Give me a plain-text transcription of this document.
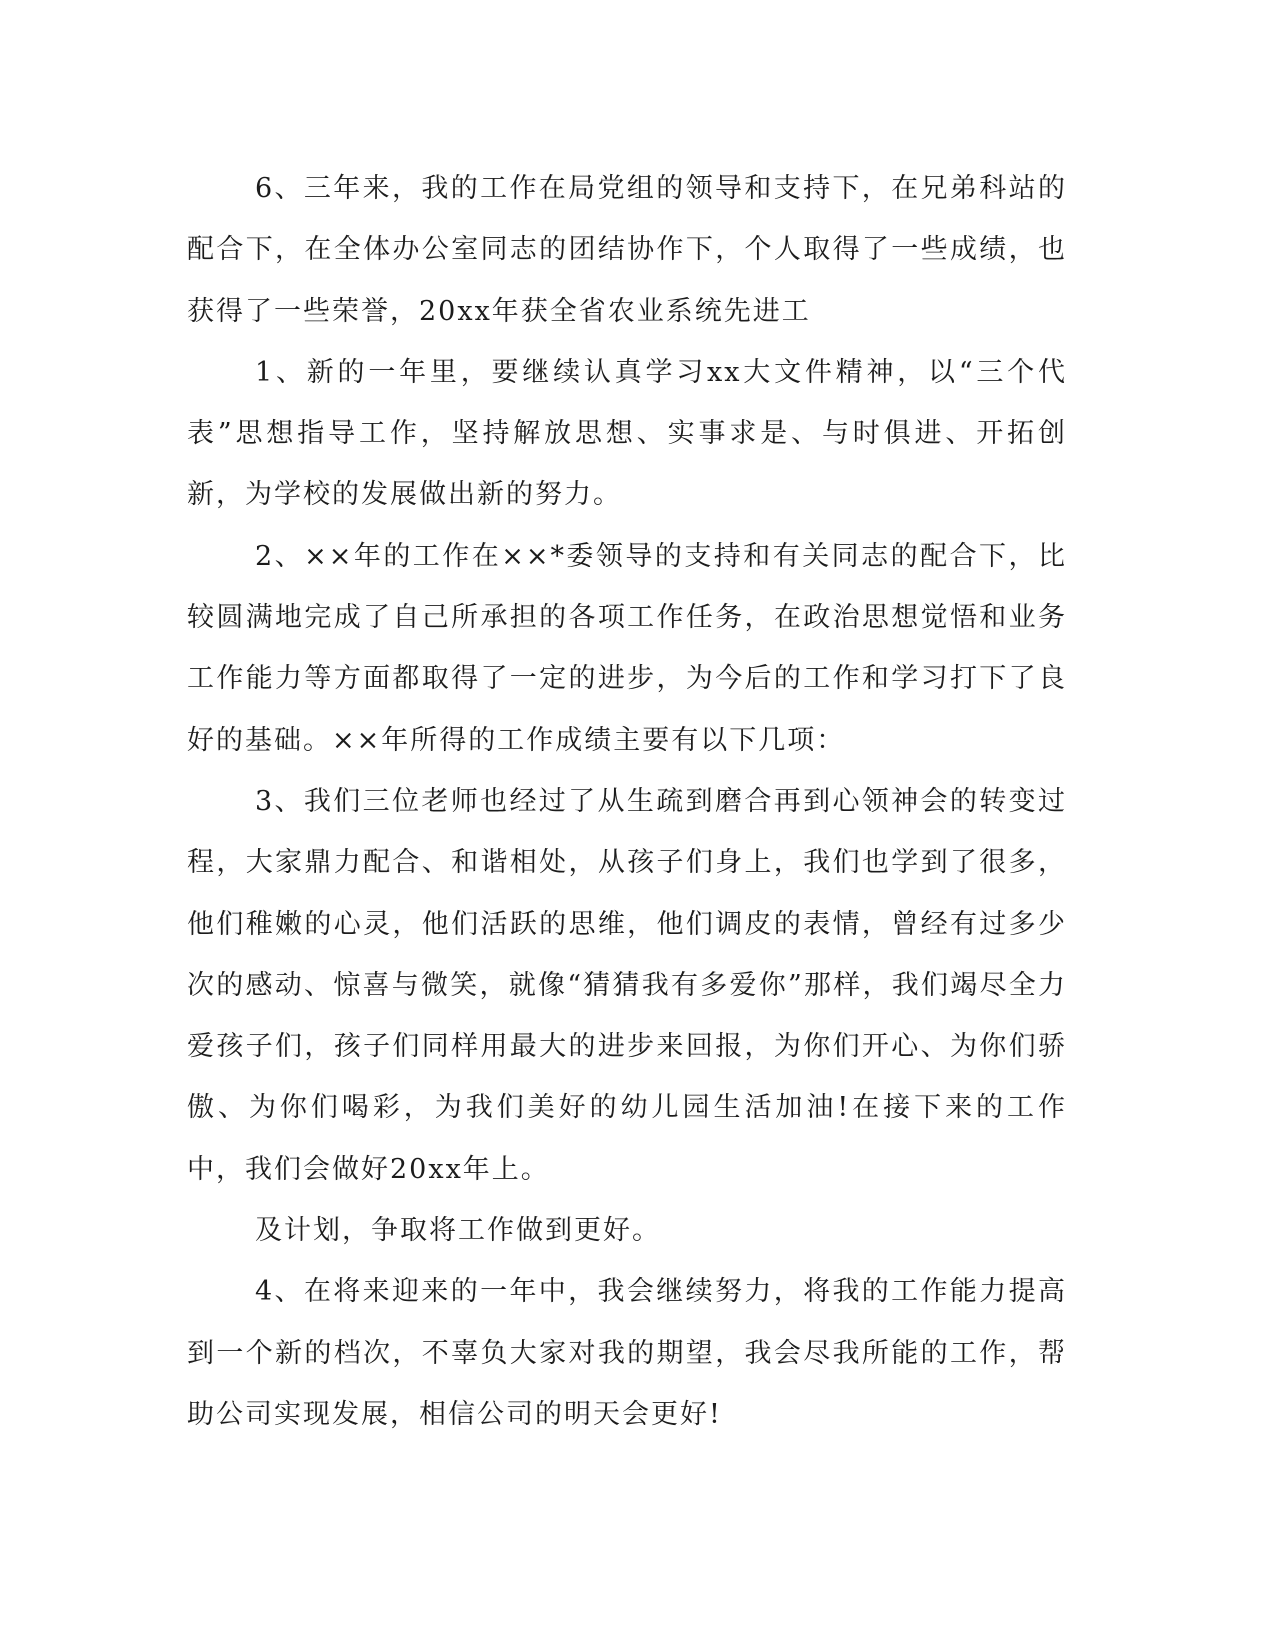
6、三年来，我的工作在局党组的领导和支持下，在兄弟科站的配合下，在全体办公室同志的团结协作下，个人取得了一些成绩，也获得了一些荣誉，20xx年获全省农业系统先进工

1、新的一年里，要继续认真学习xx大文件精神，以“三个代表”思想指导工作，坚持解放思想、实事求是、与时俱进、开拓创新，为学校的发展做出新的努力。

2、××年的工作在××*委领导的支持和有关同志的配合下，比较圆满地完成了自己所承担的各项工作任务，在政治思想觉悟和业务工作能力等方面都取得了一定的进步，为今后的工作和学习打下了良好的基础。××年所得的工作成绩主要有以下几项：

3、我们三位老师也经过了从生疏到磨合再到心领神会的转变过程，大家鼎力配合、和谐相处，从孩子们身上，我们也学到了很多，他们稚嫩的心灵，他们活跃的思维，他们调皮的表情，曾经有过多少次的感动、惊喜与微笑，就像“猜猜我有多爱你”那样，我们竭尽全力爱孩子们，孩子们同样用最大的进步来回报，为你们开心、为你们骄傲、为你们喝彩，为我们美好的幼儿园生活加油!在接下来的工作中，我们会做好20xx年上。

及计划，争取将工作做到更好。

4、在将来迎来的一年中，我会继续努力，将我的工作能力提高到一个新的档次，不辜负大家对我的期望，我会尽我所能的工作，帮助公司实现发展，相信公司的明天会更好!
